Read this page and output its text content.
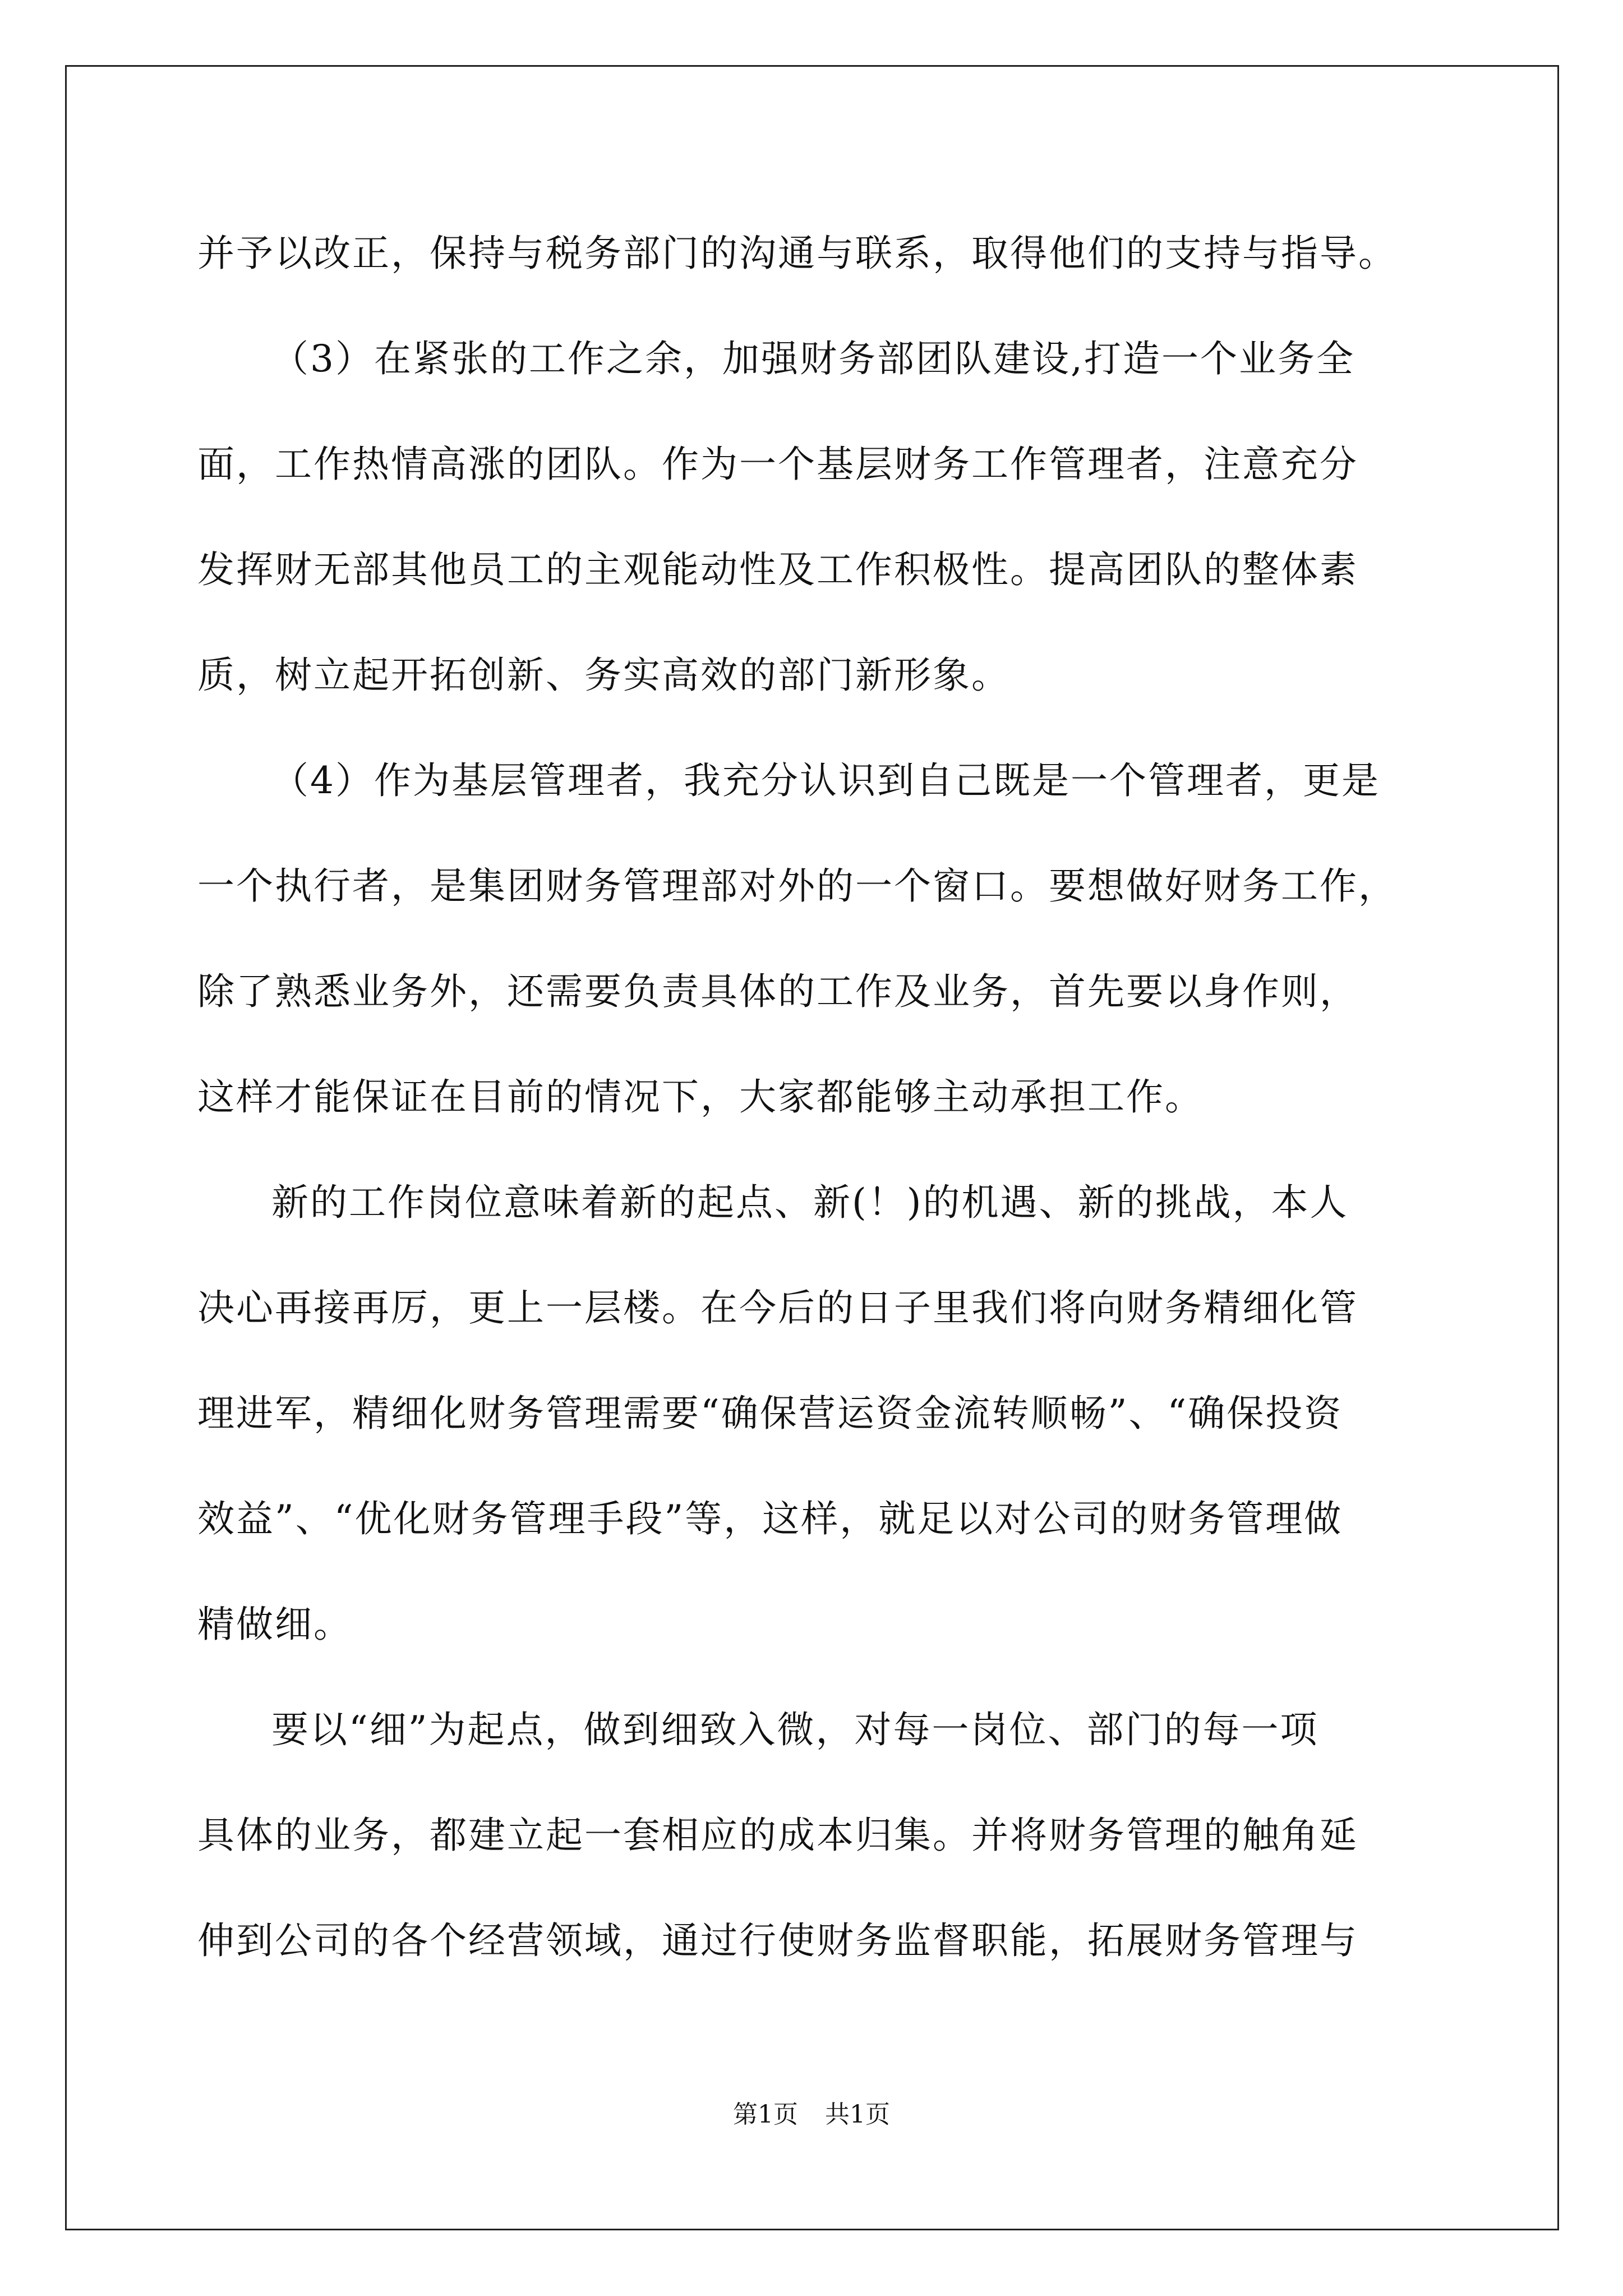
并予以改正，保持与税务部门的沟通与联系，取得他们的支持与指导。
（3）在紧张的工作之余，加强财务部团队建设,打造一个业务全
面，工作热情高涨的团队。作为一个基层财务工作管理者，注意充分
发挥财无部其他员工的主观能动性及工作积极性。提高团队的整体素
质，树立起开拓创新、务实高效的部门新形象。
（4）作为基层管理者，我充分认识到自己既是一个管理者，更是
一个执行者，是集团财务管理部对外的一个窗口。要想做好财务工作，
除了熟悉业务外，还需要负责具体的工作及业务，首先要以身作则，
这样才能保证在目前的情况下，大家都能够主动承担工作。
新的工作岗位意味着新的起点、新(！)的机遇、新的挑战，本人
决心再接再厉，更上一层楼。在今后的日子里我们将向财务精细化管
理进军，精细化财务管理需要“确保营运资金流转顺畅”、“确保投资
效益”、“优化财务管理手段”等，这样，就足以对公司的财务管理做
精做细。
要以“细”为起点，做到细致入微，对每一岗位、部门的每一项
具体的业务，都建立起一套相应的成本归集。并将财务管理的触角延
伸到公司的各个经营领域，通过行使财务监督职能，拓展财务管理与
第1页 共1页
